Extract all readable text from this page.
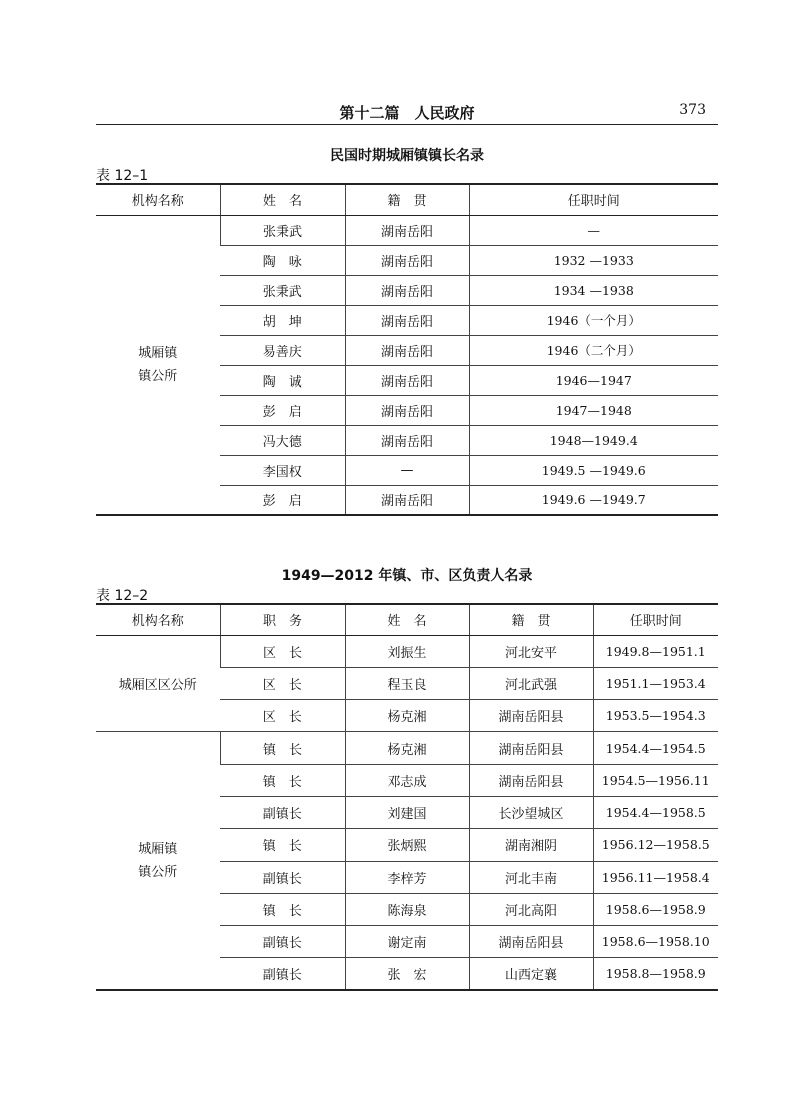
第十二篇　人民政府	373
民国时期城厢镇镇长名录
表 12–1
机构名称	姓　名	籍　贯	任职时间

城厢镇镇公所	张秉武	湖南岳阳	—
	陶　咏	湖南岳阳	1932 —1933
	张秉武	湖南岳阳	1934 —1938
	胡　坤	湖南岳阳	1946（一个月）
	易善庆	湖南岳阳	1946（二个月）
	陶　诚	湖南岳阳	1946—1947
	彭　启	湖南岳阳	1947—1948
	冯大德	湖南岳阳	1948—1949.4
	李国权	—	1949.5 —1949.6
	彭　启	湖南岳阳	1949.6 —1949.7
1949—2012 年镇、市、区负责人名录
表 12–2
机构名称	职　务	姓　名	籍　贯	任职时间
城厢区区公所	区　长	刘振生	河北安平	1949.8—1951.1
	区　长	程玉良	河北武强	1951.1—1953.4
	区　长	杨克湘	湖南岳阳县	1953.5—1954.3

城厢镇镇公所	镇　长	杨克湘	湖南岳阳县	1954.4—1954.5
	镇　长	邓志成	湖南岳阳县	1954.5—1956.11
	副镇长	刘建国	长沙望城区	1954.4—1958.5
	镇　长	张炳熙	湖南湘阴	1956.12—1958.5
	副镇长	李梓芳	河北丰南	1956.11—1958.4
	镇　长	陈海泉	河北高阳	1958.6—1958.9
	副镇长	谢定南	湖南岳阳县	1958.6—1958.10
	副镇长	张　宏	山西定襄	1958.8—1958.9
